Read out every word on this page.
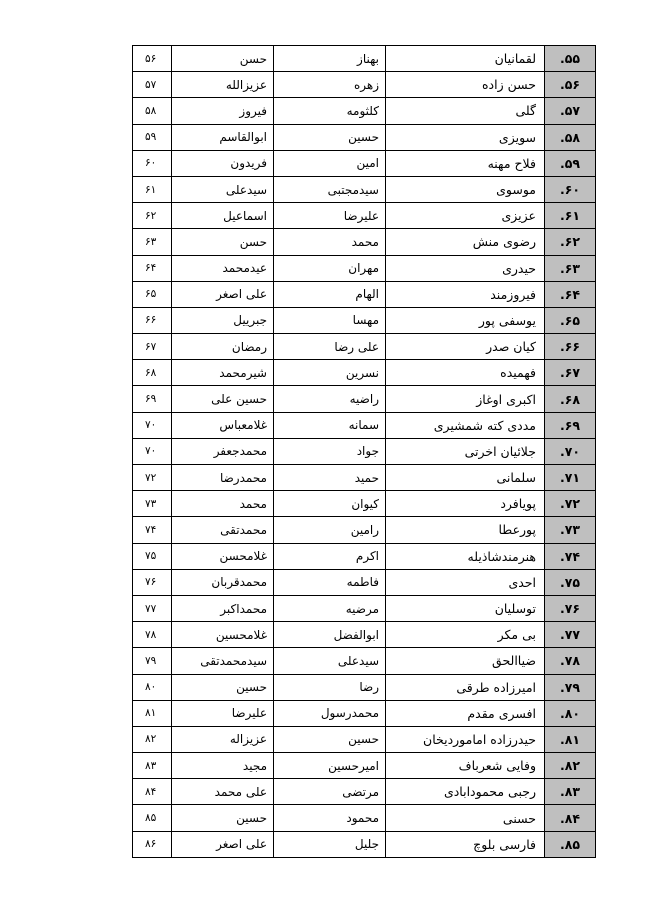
۵۵.	لقمانیان	بهناز	حسن	۵۶
۵۶.	حسن زاده	زهره	عزیزالله	۵۷
۵۷.	گلی	کلثومه	فیروز	۵۸
۵۸.	سویزی	حسین	ابوالقاسم	۵۹
۵۹.	فلاح مهنه	امین	فریدون	۶۰
۶۰.	موسوی	سیدمجتبی	سیدعلی	۶۱
۶۱.	عزیزی	علیرضا	اسماعیل	۶۲
۶۲.	رضوی منش	محمد	حسن	۶۳
۶۳.	حیدری	مهران	عیدمحمد	۶۴
۶۴.	فیروزمند	الهام	علی اصغر	۶۵
۶۵.	یوسفی پور	مهسا	جبرییل	۶۶
۶۶.	کیان صدر	علی رضا	رمضان	۶۷
۶۷.	فهمیده	نسرین	شیرمحمد	۶۸
۶۸.	اکبری اوغاز	راضیه	حسین علی	۶۹
۶۹.	مددی کته شمشیری	سمانه	غلامعباس	۷۰
۷۰.	جلائیان اخرتی	جواد	محمدجعفر	۷۰
۷۱.	سلمانی	حمید	محمدرضا	۷۲
۷۲.	پویافرد	کیوان	محمد	۷۳
۷۳.	پورعطا	رامین	محمدتقی	۷۴
۷۴.	هنرمندشاذیله	اکرم	غلامحسن	۷۵
۷۵.	احدی	فاطمه	محمدقربان	۷۶
۷۶.	توسلیان	مرضیه	محمداکبر	۷۷
۷۷.	بی مکر	ابوالفضل	غلامحسین	۷۸
۷۸.	ضیاالحق	سیدعلی	سیدمحمدتقی	۷۹
۷۹.	امیرزاده طرقی	رضا	حسین	۸۰
۸۰.	افسری مقدم	محمدرسول	علیرضا	۸۱
۸۱.	حیدرزاده اماموردیخان	حسین	عزیزاله	۸۲
۸۲.	وفایی شعرباف	امیرحسین	مجید	۸۳
۸۳.	رجبی محمودابادی	مرتضی	علی محمد	۸۴
۸۴.	حسنی	محمود	حسین	۸۵
۸۵.	فارسی بلوچ	جلیل	علی اصغر	۸۶
